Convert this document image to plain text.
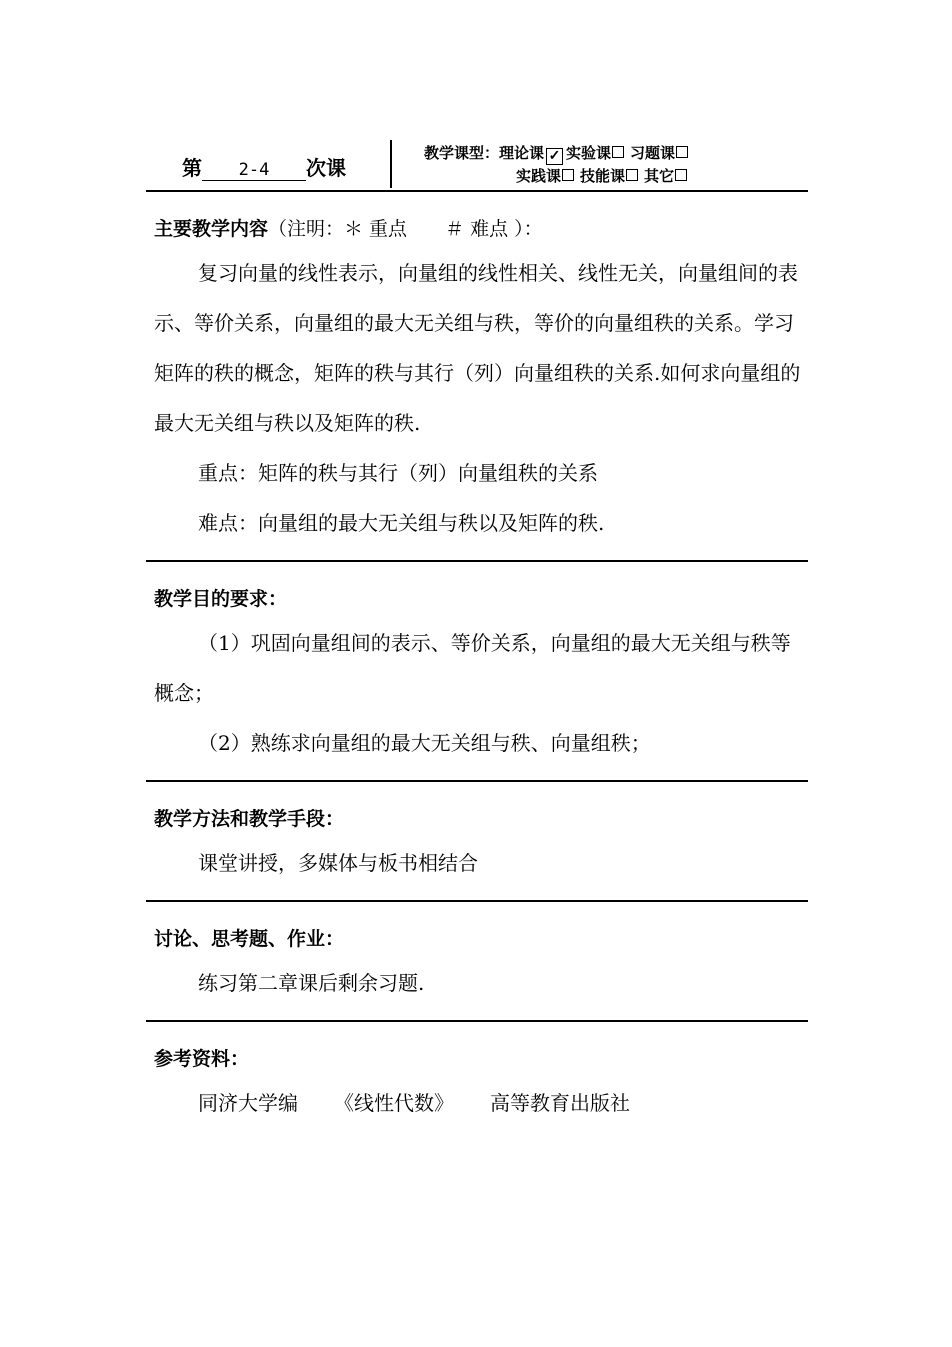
第 2-4 次课
教学课型：理论课 ✓ 实验课 习题课
实践课 技能课 其它
主要教学内容（注明：＊ 重点　　＃ 难点 ）：

复习向量的线性表示，向量组的线性相关、线性无关，向量组间的表示、等价关系，向量组的最大无关组与秩，等价的向量组秩的关系。学习矩阵的秩的概念，矩阵的秩与其行（列）向量组秩的关系.如何求向量组的最大无关组与秩以及矩阵的秩.

重点：矩阵的秩与其行（列）向量组秩的关系

难点：向量组的最大无关组与秩以及矩阵的秩.

教学目的要求：

（1）巩固向量组间的表示、等价关系，向量组的最大无关组与秩等概念；

（2）熟练求向量组的最大无关组与秩、向量组秩；

教学方法和教学手段：

课堂讲授，多媒体与板书相结合

讨论、思考题、作业：

练习第二章课后剩余习题.

参考资料：

同济大学编 《线性代数》 高等教育出版社
